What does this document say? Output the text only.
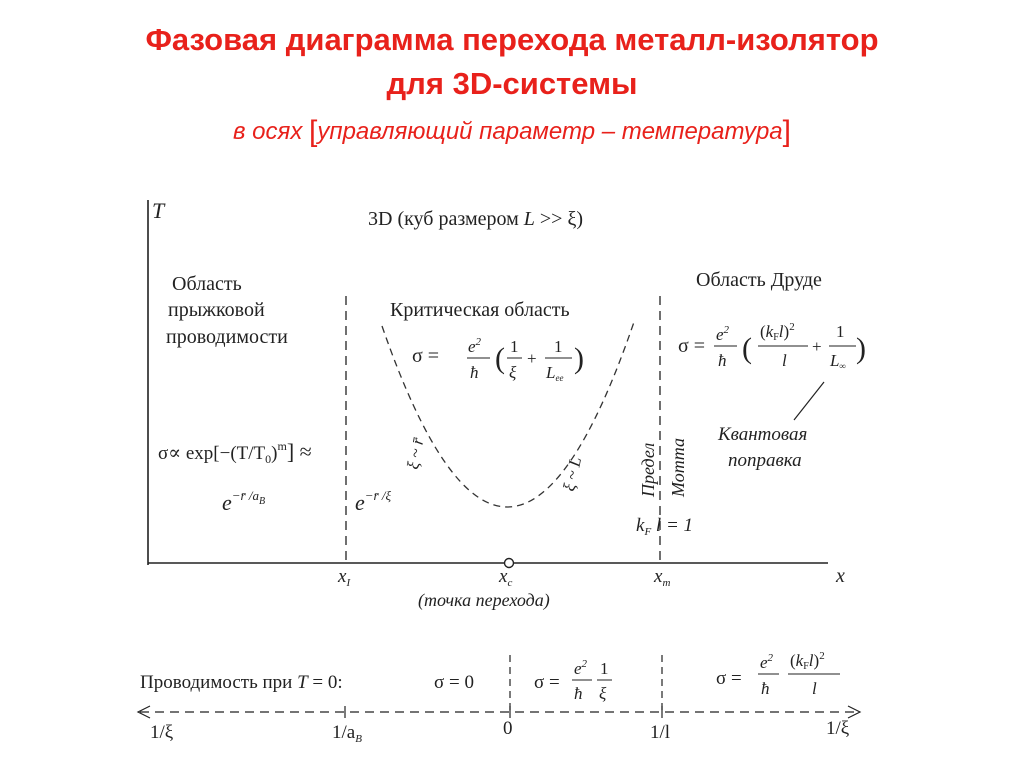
Фазовая диаграмма перехода металл-изолятор
для 3D-системы
в осях [управляющий параметр – температура]
T
x
3D (куб размером L >> ξ)
Область
прыжковой
проводимости
Критическая область
Область Друде
$\sigma\propto \exp[-(T/T_0)^m]$ ≈
$e^{-r̄ /a}B$	$e^{-r̄ /\xi}$
$\sigma = e^2$
ħ ( 1
ξ
+
1
Lee
)
ξ ~ r̄
ξ ~ L	Предел Мотта
$k_F$ l = 1
σ =
$e^2$
ħ (
(kFl)$^2$
l
+
1
L∞
)
Квантовая
поправка
$x_I$	$x_c$	$x_m$
(точка перехода)
Проводимость при T = 0:	σ = 0	σ =
$e^2$
ħ
1
ξ
σ =
$e^2$
ħ
(kFl)$^2$
l
1/ξ	$1/a_B$	0	1/l	1/ξ
